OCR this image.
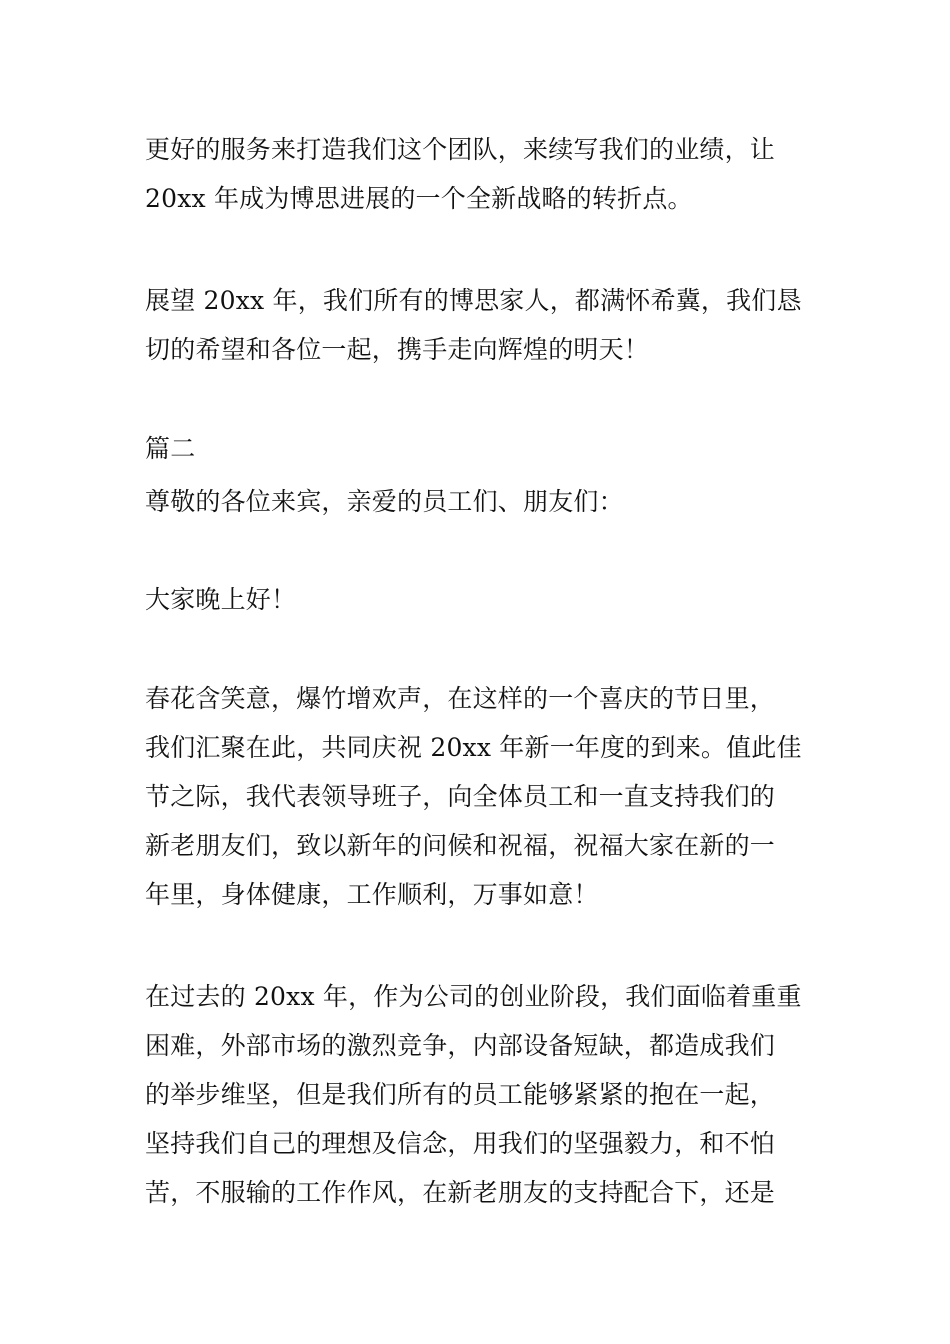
更好的服务来打造我们这个团队，来续写我们的业绩，让
20xx 年成为博思进展的一个全新战略的转折点。
展望 20xx 年，我们所有的博思家人，都满怀希冀，我们恳
切的希望和各位一起，携手走向辉煌的明天！
篇二
尊敬的各位来宾，亲爱的员工们、朋友们：
大家晚上好！
春花含笑意，爆竹增欢声，在这样的一个喜庆的节日里，
我们汇聚在此，共同庆祝 20xx 年新一年度的到来。值此佳
节之际，我代表领导班子，向全体员工和一直支持我们的
新老朋友们，致以新年的问候和祝福，祝福大家在新的一
年里，身体健康，工作顺利，万事如意！
在过去的 20xx 年，作为公司的创业阶段，我们面临着重重
困难，外部市场的激烈竞争，内部设备短缺，都造成我们
的举步维坚，但是我们所有的员工能够紧紧的抱在一起，
坚持我们自己的理想及信念，用我们的坚强毅力，和不怕
苦，不服输的工作作风，在新老朋友的支持配合下，还是
